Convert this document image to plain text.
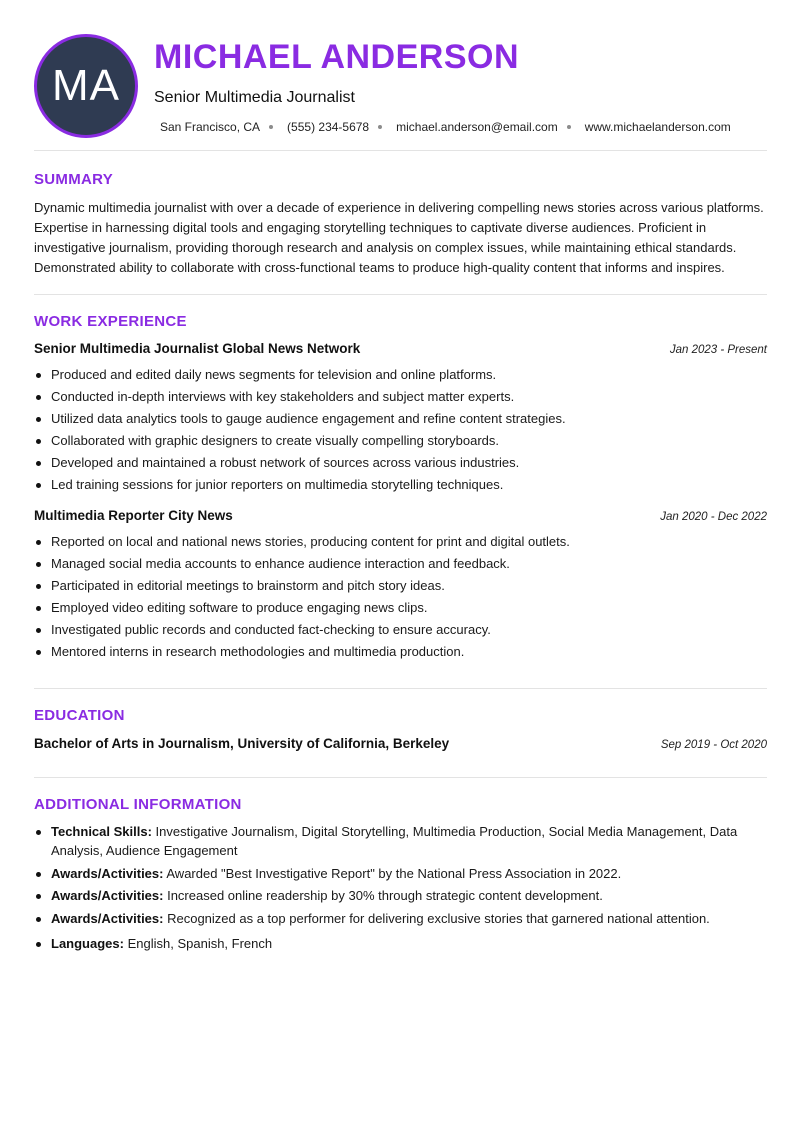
MA
MICHAEL ANDERSON
Senior Multimedia Journalist
San Francisco, CA (555) 234-5678 michael.anderson@email.com www.michaelanderson.com
SUMMARY

Dynamic multimedia journalist with over a decade of experience in delivering compelling news stories across various platforms. Expertise in harnessing digital tools and engaging storytelling techniques to captivate diverse audiences. Proficient in investigative journalism, providing thorough research and analysis on complex issues, while maintaining ethical standards. Demonstrated ability to collaborate with cross-functional teams to produce high-quality content that informs and inspires.

WORK EXPERIENCE
Senior Multimedia Journalist Global News Network	Jan 2023 - Present
Produced and edited daily news segments for television and online platforms.
Conducted in-depth interviews with key stakeholders and subject matter experts.
Utilized data analytics tools to gauge audience engagement and refine content strategies.
Collaborated with graphic designers to create visually compelling storyboards.
Developed and maintained a robust network of sources across various industries.
Led training sessions for junior reporters on multimedia storytelling techniques.
Multimedia Reporter City News	Jan 2020 - Dec 2022
Reported on local and national news stories, producing content for print and digital outlets.
Managed social media accounts to enhance audience interaction and feedback.
Participated in editorial meetings to brainstorm and pitch story ideas.
Employed video editing software to produce engaging news clips.
Investigated public records and conducted fact-checking to ensure accuracy.
Mentored interns in research methodologies and multimedia production.
EDUCATION
Bachelor of Arts in Journalism, University of California, Berkeley	Sep 2019 - Oct 2020
ADDITIONAL INFORMATION
Technical Skills: Investigative Journalism, Digital Storytelling, Multimedia Production, Social Media Management, Data Analysis, Audience Engagement
Awards/Activities: Awarded "Best Investigative Report" by the National Press Association in 2022.
Awards/Activities: Increased online readership by 30% through strategic content development.
Awards/Activities: Recognized as a top performer for delivering exclusive stories that garnered national attention.
Languages: English, Spanish, French
